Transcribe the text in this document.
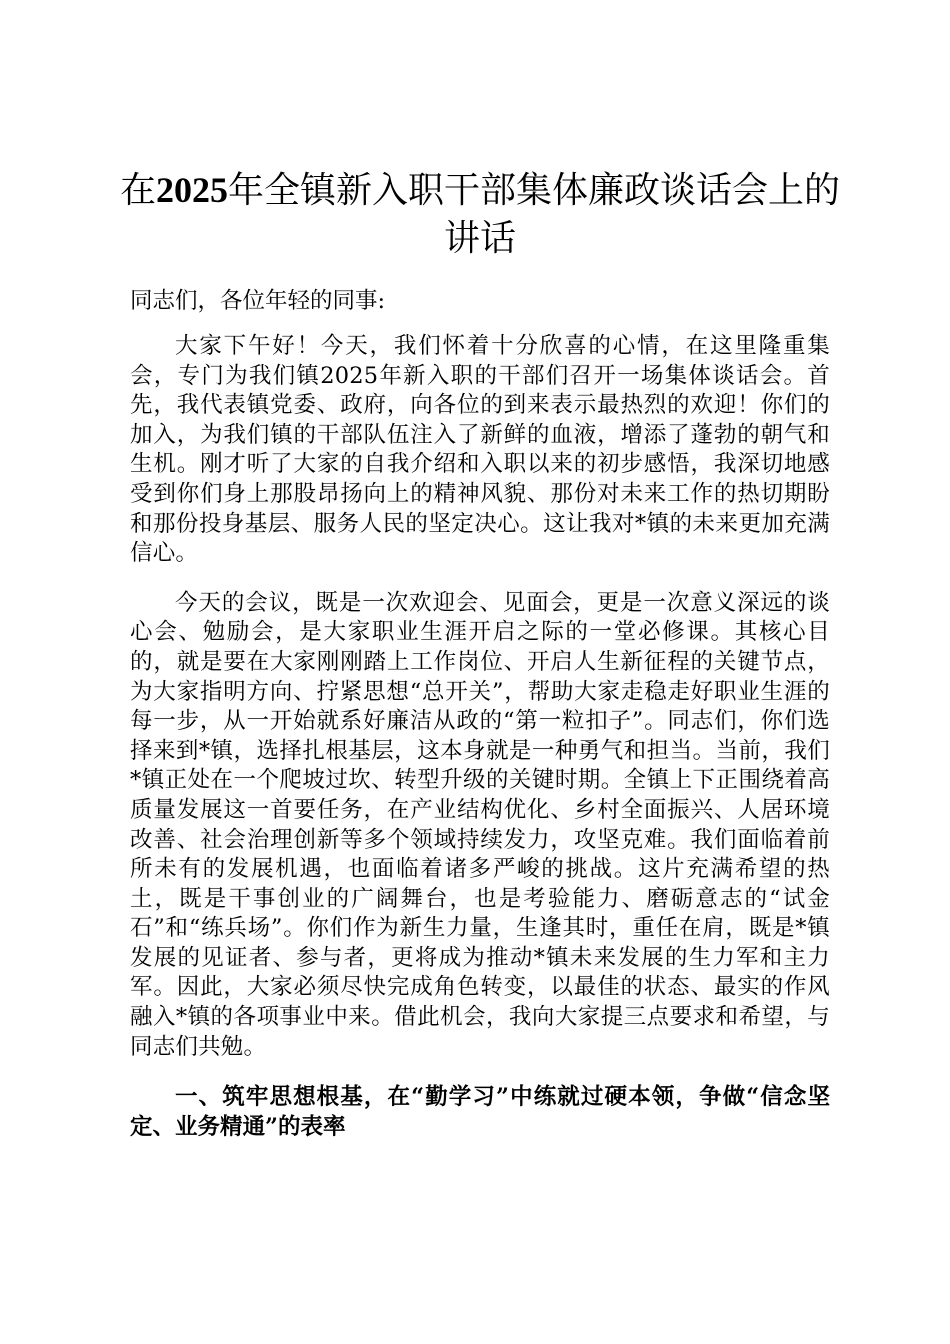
在2025年全镇新入职干部集体廉政谈话会上的讲话

同志们，各位年轻的同事:

大家下午好！今天，我们怀着十分欣喜的心情，在这里隆重集会，专门为我们镇2025年新入职的干部们召开一场集体谈话会。首先，我代表镇党委、政府，向各位的到来表示最热烈的欢迎！你们的加入，为我们镇的干部队伍注入了新鲜的血液，增添了蓬勃的朝气和生机。刚才听了大家的自我介绍和入职以来的初步感悟，我深切地感受到你们身上那股昂扬向上的精神风貌、那份对未来工作的热切期盼和那份投身基层、服务人民的坚定决心。这让我对*镇的未来更加充满信心。

今天的会议，既是一次欢迎会、见面会，更是一次意义深远的谈心会、勉励会，是大家职业生涯开启之际的一堂必修课。其核心目的，就是要在大家刚刚踏上工作岗位、开启人生新征程的关键节点，为大家指明方向、拧紧思想“总开关”，帮助大家走稳走好职业生涯的每一步，从一开始就系好廉洁从政的“第一粒扣子”。同志们，你们选择来到*镇，选择扎根基层，这本身就是一种勇气和担当。当前，我们*镇正处在一个爬坡过坎、转型升级的关键时期。全镇上下正围绕着高质量发展这一首要任务，在产业结构优化、乡村全面振兴、人居环境改善、社会治理创新等多个领域持续发力，攻坚克难。我们面临着前所未有的发展机遇，也面临着诸多严峻的挑战。这片充满希望的热土，既是干事创业的广阔舞台，也是考验能力、磨砺意志的“试金石”和“练兵场”。你们作为新生力量，生逢其时，重任在肩，既是*镇发展的见证者、参与者，更将成为推动*镇未来发展的生力军和主力军。因此，大家必须尽快完成角色转变，以最佳的状态、最实的作风融入*镇的各项事业中来。借此机会，我向大家提三点要求和希望，与同志们共勉。

一、筑牢思想根基，在“勤学习”中练就过硬本领，争做“信念坚定、业务精通”的表率
